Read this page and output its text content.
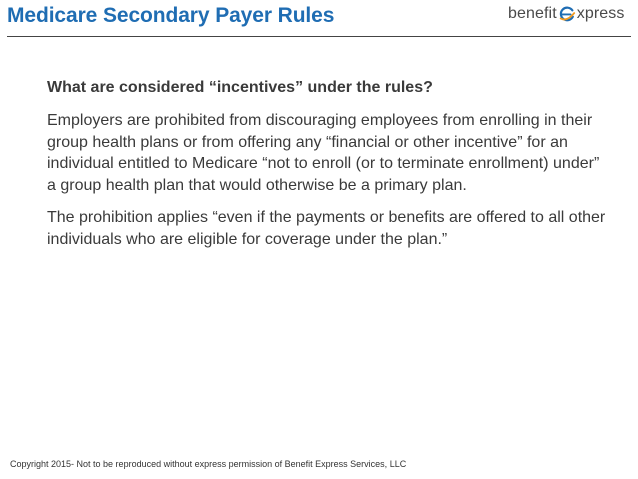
Medicare Secondary Payer Rules	benefit xpress

What are considered “incentives” under the rules?

Employers are prohibited from discouraging employees from enrolling in their group health plans or from offering any “financial or other incentive” for an individual entitled to Medicare “not to enroll (or to terminate enrollment) under” a group health plan that would otherwise be a primary plan.

The prohibition applies “even if the payments or benefits are offered to all other individuals who are eligible for coverage under the plan.”

Copyright 2015- Not to be reproduced without express permission of Benefit Express Services, LLC
